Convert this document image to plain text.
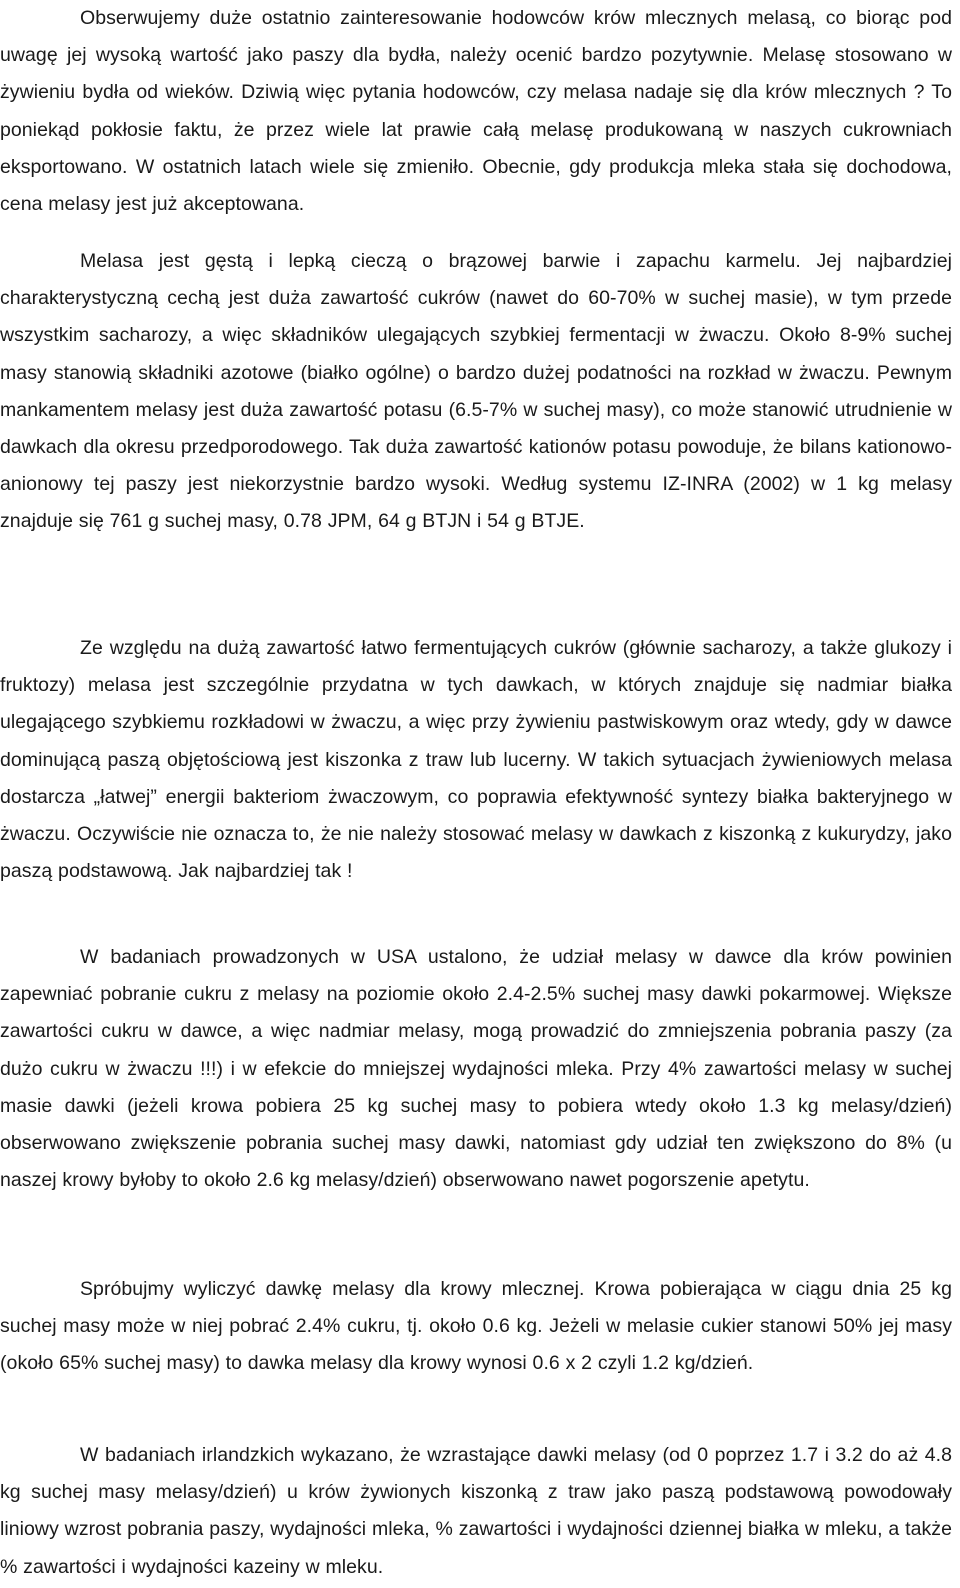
Obserwujemy duże ostatnio zainteresowanie hodowców krów mlecznych melasą, co biorąc pod uwagę jej wysoką wartość jako paszy dla bydła, należy ocenić bardzo pozytywnie. Melasę stosowano w żywieniu bydła od wieków. Dziwią więc pytania hodowców, czy melasa nadaje się dla krów mlecznych ? To poniekąd pokłosie faktu, że przez wiele lat prawie całą melasę produkowaną w naszych cukrowniach eksportowano. W ostatnich latach wiele się zmieniło. Obecnie, gdy produkcja mleka stała się dochodowa, cena melasy jest już akceptowana.

Melasa jest gęstą i lepką cieczą o brązowej barwie i zapachu karmelu. Jej najbardziej charakterystyczną cechą jest duża zawartość cukrów (nawet do 60-70% w suchej masie), w tym przede wszystkim sacharozy, a więc składników ulegających szybkiej fermentacji w żwaczu. Około 8-9% suchej masy stanowią składniki azotowe (białko ogólne) o bardzo dużej podatności na rozkład w żwaczu. Pewnym mankamentem melasy jest duża zawartość potasu (6.5-7% w suchej masy), co może stanowić utrudnienie w dawkach dla okresu przedporodowego. Tak duża zawartość kationów potasu powoduje, że bilans kationowo-anionowy tej paszy jest niekorzystnie bardzo wysoki. Według systemu IZ-INRA (2002) w 1 kg melasy znajduje się 761 g suchej masy, 0.78 JPM, 64 g BTJN i 54 g BTJE.

Ze względu na dużą zawartość łatwo fermentujących cukrów (głównie sacharozy, a także glukozy i fruktozy) melasa jest szczególnie przydatna w tych dawkach, w których znajduje się nadmiar białka ulegającego szybkiemu rozkładowi w żwaczu, a więc przy żywieniu pastwiskowym oraz wtedy, gdy w dawce dominującą paszą objętościową jest kiszonka z traw lub lucerny. W takich sytuacjach żywieniowych melasa dostarcza „łatwej” energii bakteriom żwaczowym, co poprawia efektywność syntezy białka bakteryjnego w żwaczu. Oczywiście nie oznacza to, że nie należy stosować melasy w dawkach z kiszonką z kukurydzy, jako paszą podstawową. Jak najbardziej tak !

W badaniach prowadzonych w USA ustalono, że udział melasy w dawce dla krów powinien zapewniać pobranie cukru z melasy na poziomie około 2.4-2.5% suchej masy dawki pokarmowej. Większe zawartości cukru w dawce, a więc nadmiar melasy, mogą prowadzić do zmniejszenia pobrania paszy (za dużo cukru w żwaczu !!!) i w efekcie do mniejszej wydajności mleka. Przy 4% zawartości melasy w suchej masie dawki (jeżeli krowa pobiera 25 kg suchej masy to pobiera wtedy około 1.3 kg melasy/dzień) obserwowano zwiększenie pobrania suchej masy dawki, natomiast gdy udział ten zwiększono do 8% (u naszej krowy byłoby to około 2.6 kg melasy/dzień) obserwowano nawet pogorszenie apetytu.

Spróbujmy wyliczyć dawkę melasy dla krowy mlecznej. Krowa pobierająca w ciągu dnia 25 kg suchej masy może w niej pobrać 2.4% cukru, tj. około 0.6 kg. Jeżeli w melasie cukier stanowi 50% jej masy (około 65% suchej masy) to dawka melasy dla krowy wynosi 0.6 x 2 czyli 1.2 kg/dzień.

W badaniach irlandzkich wykazano, że wzrastające dawki melasy (od 0 poprzez 1.7 i 3.2 do aż 4.8 kg suchej masy melasy/dzień) u krów żywionych kiszonką z traw jako paszą podstawową powodowały liniowy wzrost pobrania paszy, wydajności mleka, % zawartości i wydajności dziennej białka w mleku, a także % zawartości i wydajności kazeiny w mleku.
